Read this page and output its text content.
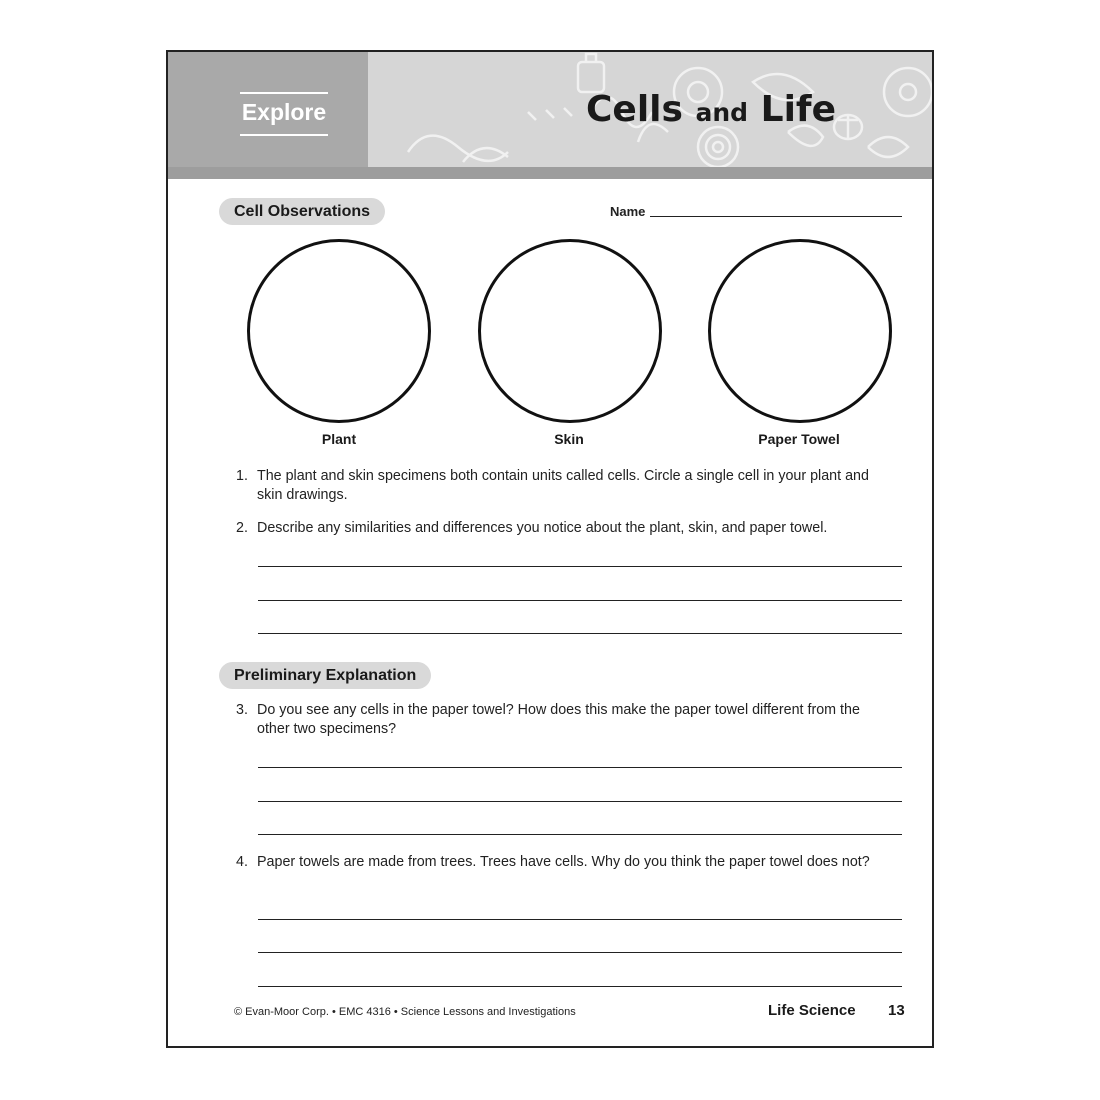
Explore	Cells and Life
Cell Observations	Name
Plant	Skin	Paper Towel
1. The plant and skin specimens both contain units called cells. Circle a single cell in your plant and skin drawings.
2. Describe any similarities and differences you notice about the plant, skin, and paper towel.
Preliminary Explanation
3. Do you see any cells in the paper towel? How does this make the paper towel different from the other two specimens?
4. Paper towels are made from trees. Trees have cells. Why do you think the paper towel does not?
© Evan-Moor Corp. • EMC 4316 • Science Lessons and Investigations	Life Science 13
